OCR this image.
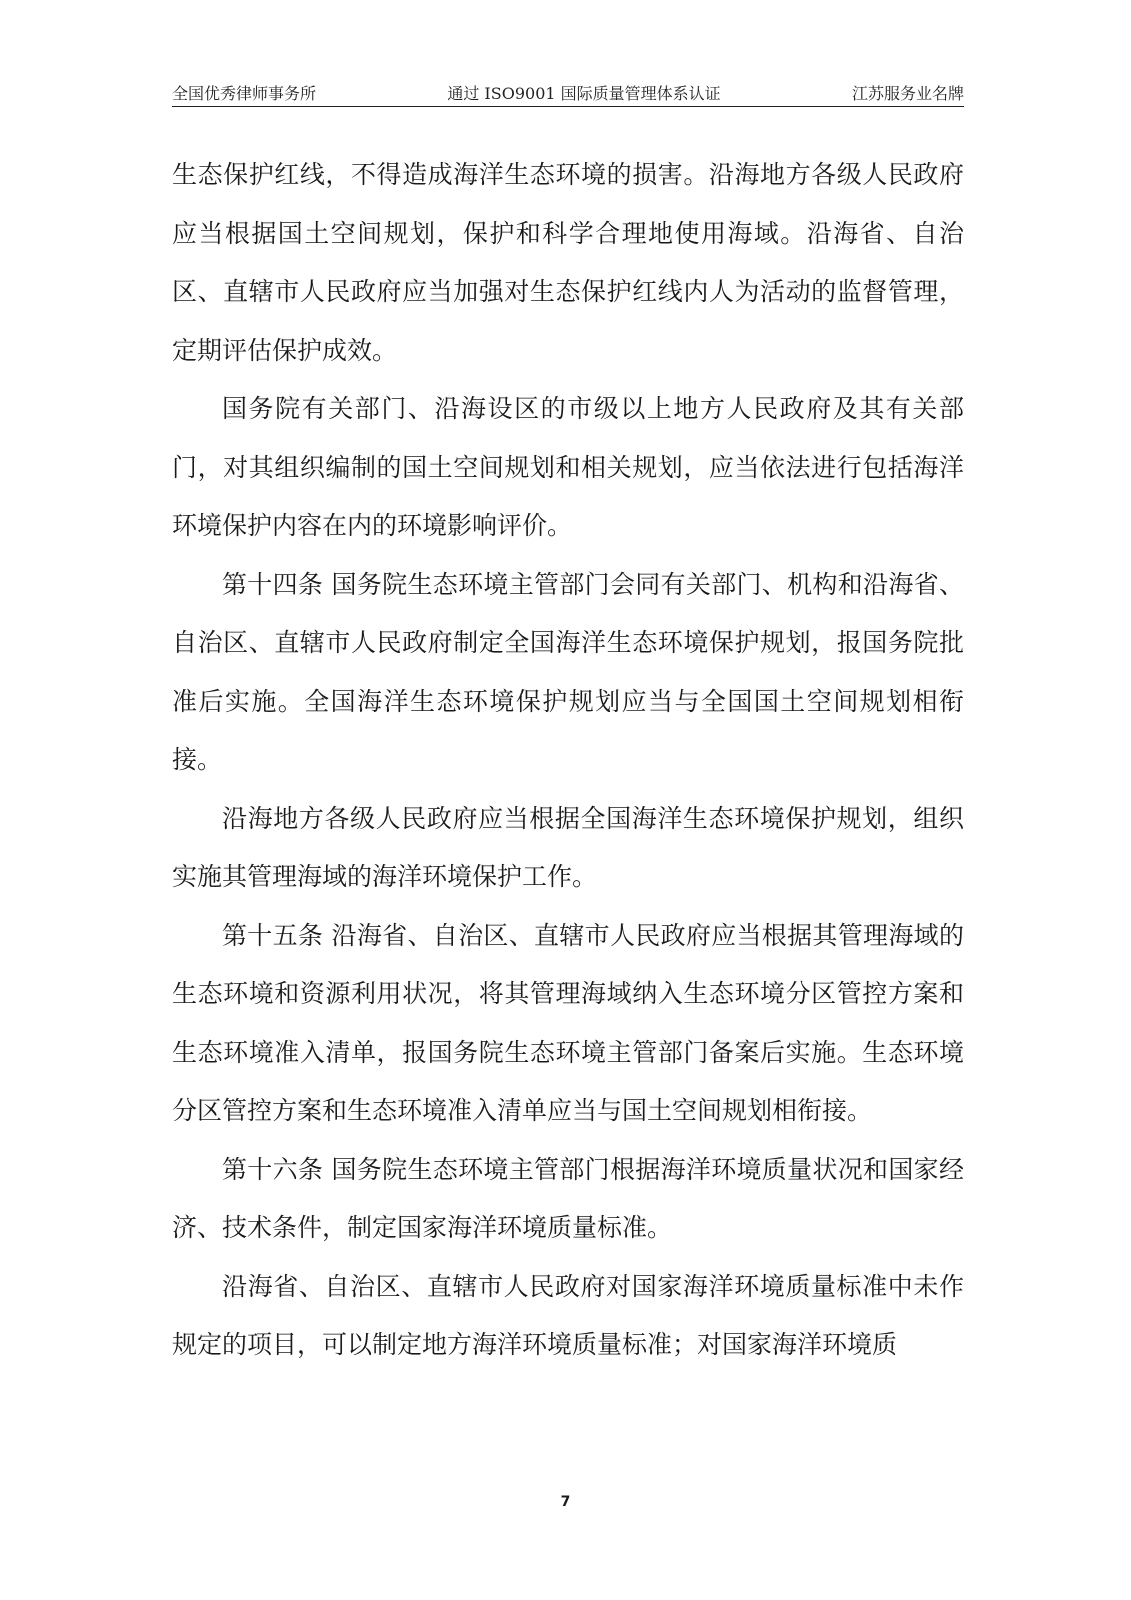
全国优秀律师事务所	通过 ISO9001 国际质量管理体系认证	江苏服务业名牌

生态保护红线，不得造成海洋生态环境的损害。沿海地方各级人民政府应当根据国土空间规划，保护和科学合理地使用海域。沿海省、自治区、直辖市人民政府应当加强对生态保护红线内人为活动的监督管理，定期评估保护成效。

国务院有关部门、沿海设区的市级以上地方人民政府及其有关部门，对其组织编制的国土空间规划和相关规划，应当依法进行包括海洋环境保护内容在内的环境影响评价。

第十四条 国务院生态环境主管部门会同有关部门、机构和沿海省、自治区、直辖市人民政府制定全国海洋生态环境保护规划，报国务院批准后实施。全国海洋生态环境保护规划应当与全国国土空间规划相衔接。

沿海地方各级人民政府应当根据全国海洋生态环境保护规划，组织实施其管理海域的海洋环境保护工作。

第十五条 沿海省、自治区、直辖市人民政府应当根据其管理海域的生态环境和资源利用状况，将其管理海域纳入生态环境分区管控方案和生态环境准入清单，报国务院生态环境主管部门备案后实施。生态环境分区管控方案和生态环境准入清单应当与国土空间规划相衔接。

第十六条 国务院生态环境主管部门根据海洋环境质量状况和国家经济、技术条件，制定国家海洋环境质量标准。

沿海省、自治区、直辖市人民政府对国家海洋环境质量标准中未作规定的项目，可以制定地方海洋环境质量标准；对国家海洋环境质

7
